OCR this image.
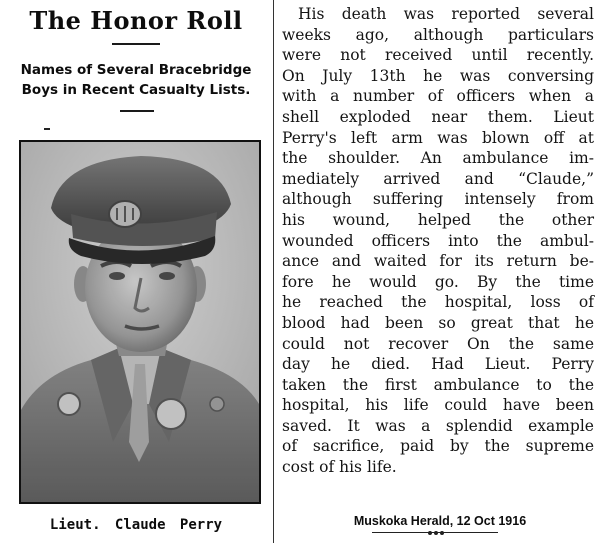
The Honor Roll
Names of Several Bracebridge
Boys in Recent Casualty Lists.
Lieut. Claude Perry
His death was reported several
weeks ago, although particulars
were not received until recently.
On July 13th he was conversing
with a number of officers when a
shell exploded near them. Lieut
Perry's left arm was blown off at
the shoulder. An ambulance im-
mediately arrived and “Claude,”
although suffering intensely from
his wound, helped the other
wounded officers into the ambul-
ance and waited for its return be-
fore he would go. By the time
he reached the hospital, loss of
blood had been so great that he
could not recover On the same
day he died. Had Lieut. Perry
taken the first ambulance to the
hospital, his life could have been
saved. It was a splendid example
of sacrifice, paid by the supreme
cost of his life.
Muskoka Herald, 12 Oct 1916
